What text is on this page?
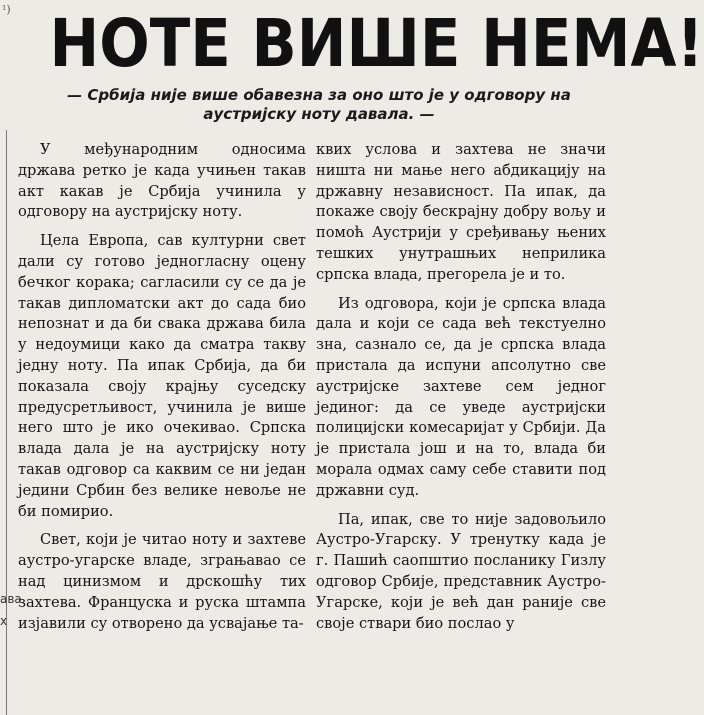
¹) НОТЕ ВИШЕ НЕМА!
— Србија није више обавезна за оно што је у одговору на аустријску ноту давала. —
ава
х

У међународним односима држава ретко је када учињен такав акт какав је Србија учинила у одговору на аустријску ноту.

Цела Европа, сав културни свет дали су готово једногласну оцену бечког корака; сагласили су се да је такав дипломатски акт до сада био непознат и да би свака држава била у недоумици како да сматра такву једну ноту. Па ипак Србија, да би показала своју крајњу суседску предусретљивост, учинила је више него што је ико очекивао. Српска влада дала је на аустријску ноту такав одговор са каквим се ни један једини Србин без велике невоље не би помирио.

Свет, који је читао ноту и захтеве аустро-угарске владе, зграњавао се над цинизмом и дрскошћу тих захтева. Француска и руска штампа изјавили су отворено да усвајање та-

квих услова и захтева не значи ништа ни мање него абдикацију на државну независност. Па ипак, да покаже своју бескрајну добру вољу и помоћ Аустрији у сређивању њених тешких унутрашњих неприлика српска влада, прегорела је и то.

Из одговора, који је српска влада дала и који се сада већ текстуелно зна, сазнало се, да је српска влада пристала да испуни апсолутно све аустријске захтеве сем једног јединог: да се уведе аустријски полицијски комесаријат у Србији. Да је пристала још и на то, влада би морала одмах саму себе ставити под државни суд.

Па, ипак, све то није задовољило Аустро-Угарску. У тренутку када је г. Пашић саопштио посланику Гизлу одговор Србије, представник Аустро-Угарске, који је већ дан раније све своје ствари био послао у
